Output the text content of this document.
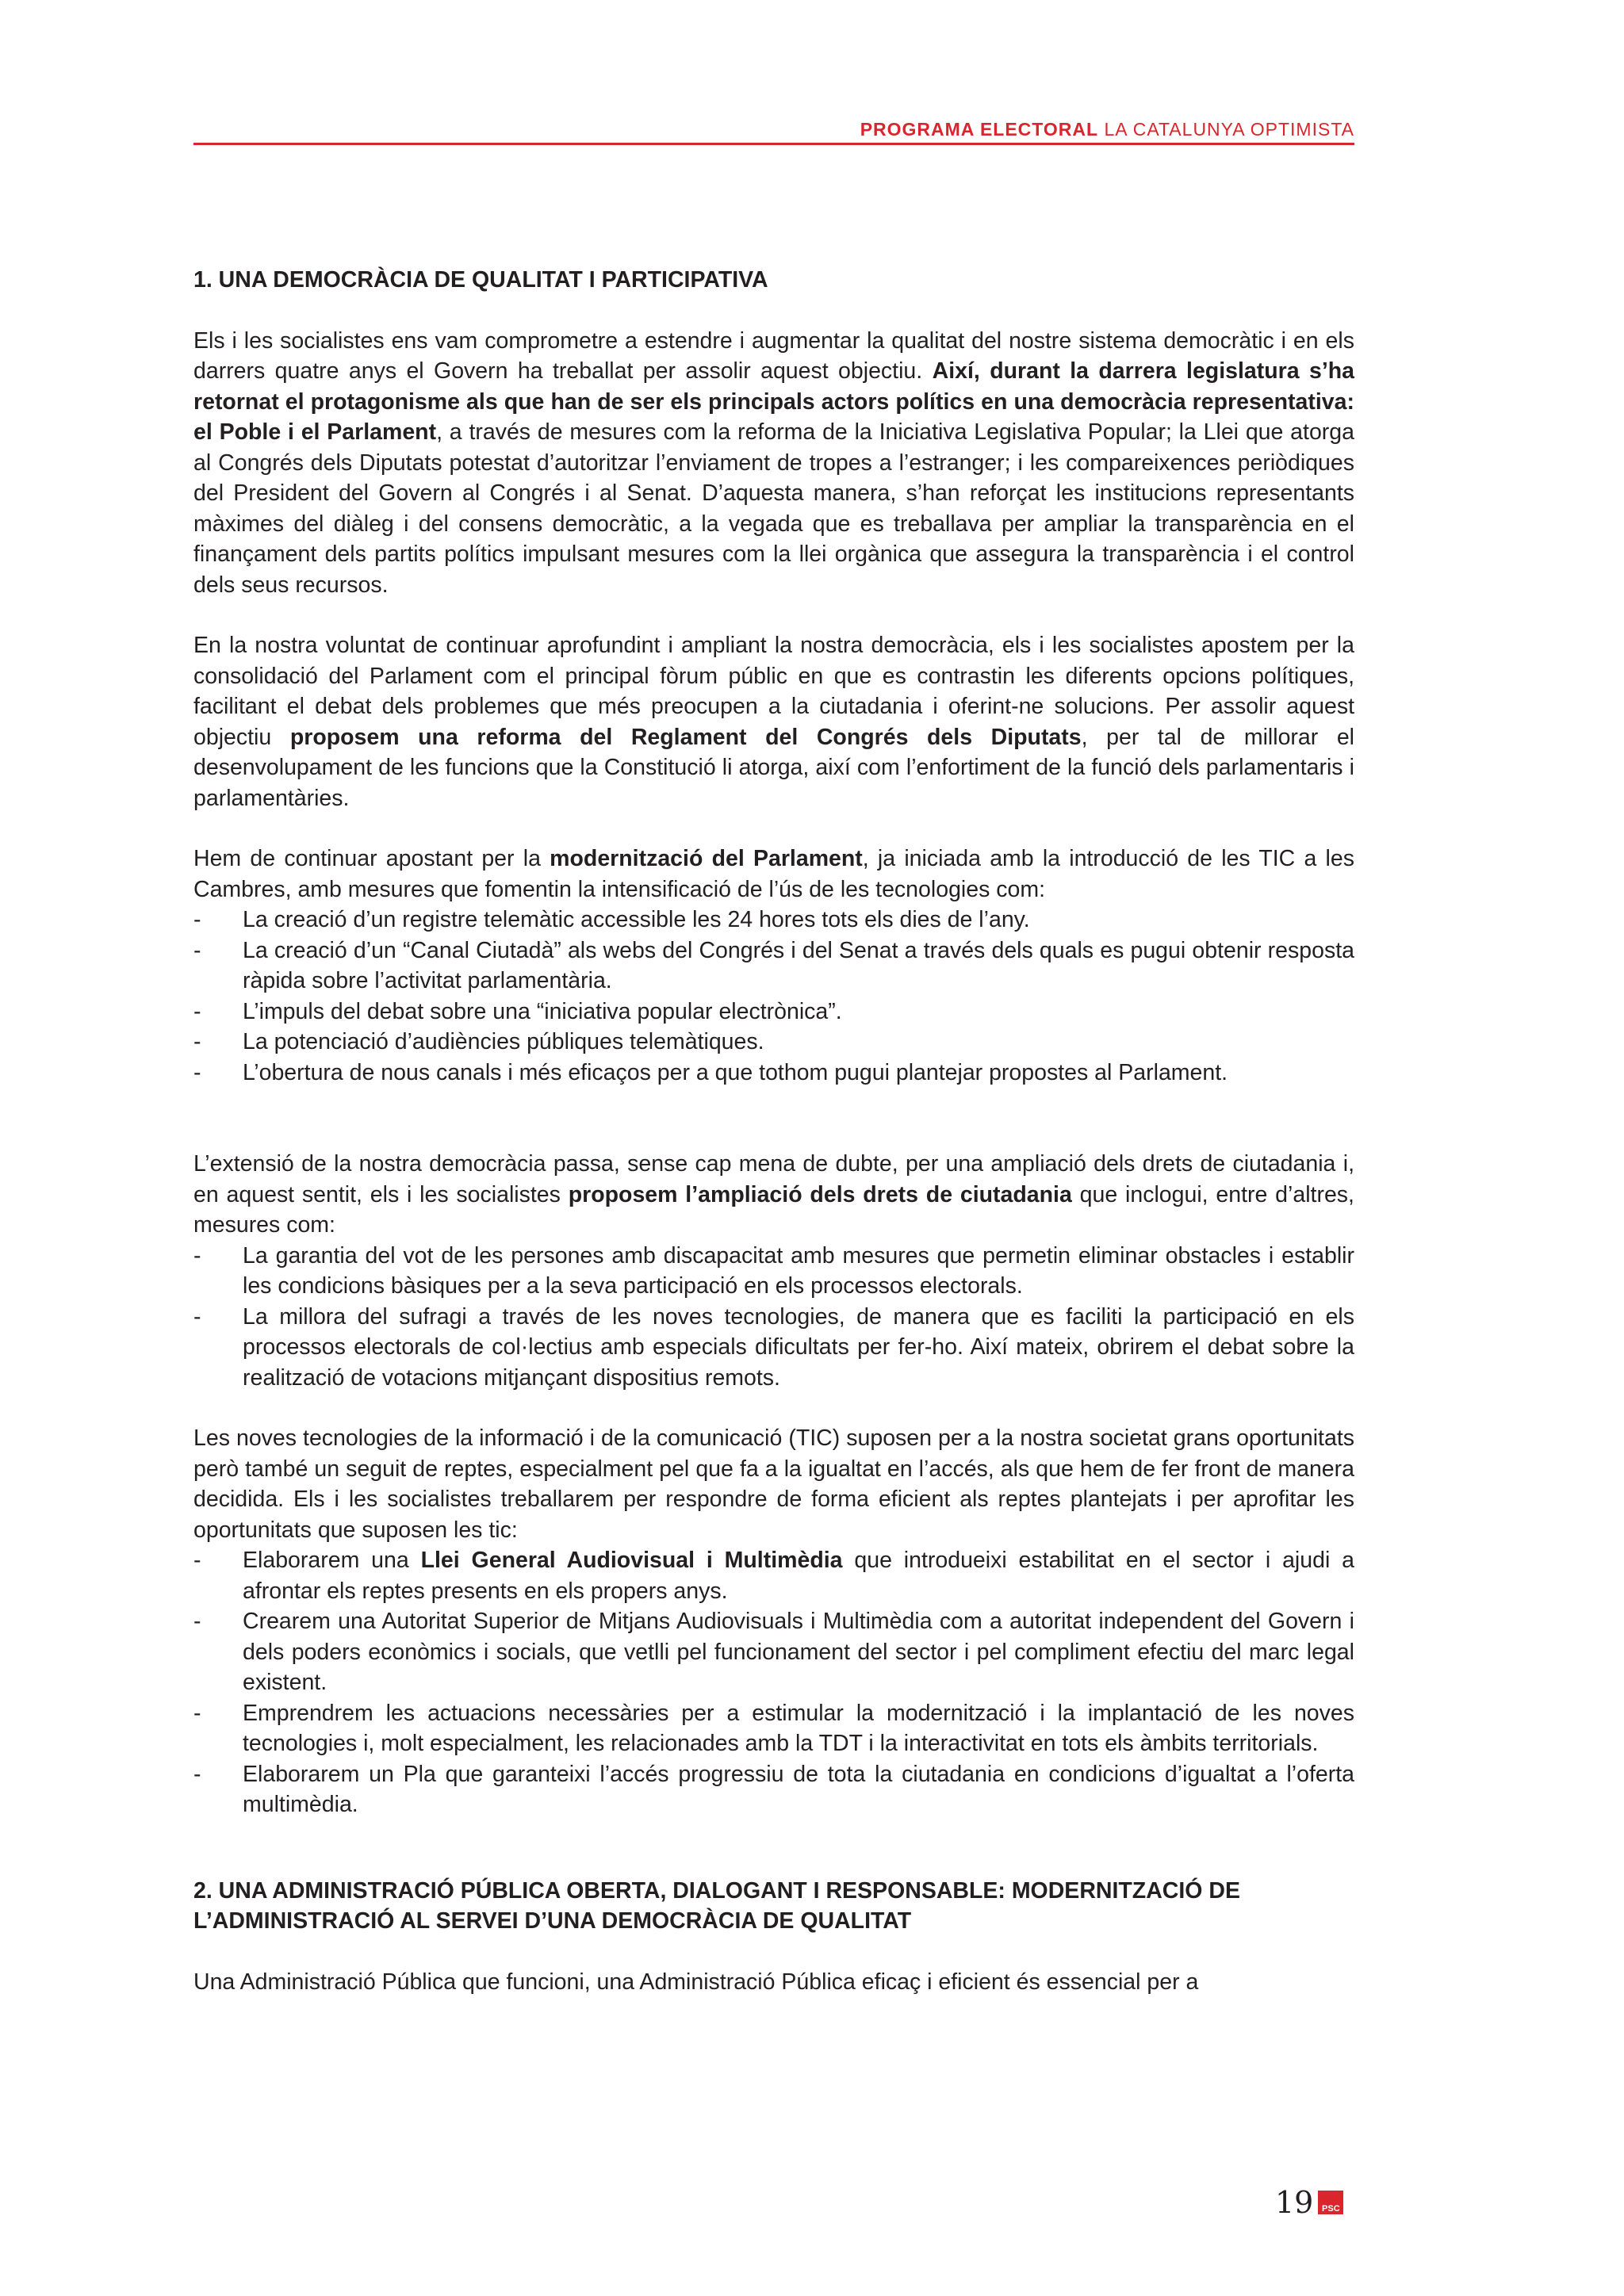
PROGRAMA ELECTORAL LA CATALUNYA OPTIMISTA
1. UNA DEMOCRÀCIA DE QUALITAT I PARTICIPATIVA

Els i les socialistes ens vam comprometre a estendre i augmentar la qualitat del nostre sistema democràtic i en els darrers quatre anys el Govern ha treballat per assolir aquest objectiu. Així, durant la darrera legislatura s’ha retornat el protagonisme als que han de ser els principals actors polítics en una democràcia representativa: el Poble i el Parlament, a través de mesures com la reforma de la Iniciativa Legislativa Popular; la Llei que atorga al Congrés dels Diputats potestat d’autoritzar l’enviament de tropes a l’estranger; i les compareixences periòdiques del President del Govern al Congrés i al Senat. D’aquesta manera, s’han reforçat les institucions representants màximes del diàleg i del consens democràtic, a la vegada que es treballava per ampliar la transparència en el finançament dels partits polítics impulsant mesures com la llei orgànica que assegura la transparència i el control dels seus recursos.

En la nostra voluntat de continuar aprofundint i ampliant la nostra democràcia, els i les socialistes apostem per la consolidació del Parlament com el principal fòrum públic en que es contrastin les diferents opcions polítiques, facilitant el debat dels problemes que més preocupen a la ciutadania i oferint-ne solucions. Per assolir aquest objectiu proposem una reforma del Reglament del Congrés dels Diputats, per tal de millorar el desenvolupament de les funcions que la Constitució li atorga, així com l’enfortiment de la funció dels parlamentaris i parlamentàries.

Hem de continuar apostant per la modernització del Parlament, ja iniciada amb la introducció de les TIC a les Cambres, amb mesures que fomentin la intensificació de l’ús de les tecnologies com:

- La creació d’un registre telemàtic accessible les 24 hores tots els dies de l’any.
- La creació d’un “Canal Ciutadà” als webs del Congrés i del Senat a través dels quals es pugui obtenir resposta ràpida sobre l’activitat parlamentària.
- L’impuls del debat sobre una “iniciativa popular electrònica”.
- La potenciació d’audiències públiques telemàtiques.
- L’obertura de nous canals i més eficaços per a que tothom pugui plantejar propostes al Parlament.

L’extensió de la nostra democràcia passa, sense cap mena de dubte, per una ampliació dels drets de ciutadania i, en aquest sentit, els i les socialistes proposem l’ampliació dels drets de ciutadania que inclogui, entre d’altres, mesures com:

- La garantia del vot de les persones amb discapacitat amb mesures que permetin eliminar obstacles i establir les condicions bàsiques per a la seva participació en els processos electorals.
- La millora del sufragi a través de les noves tecnologies, de manera que es faciliti la participació en els processos electorals de col·lectius amb especials dificultats per fer-ho. Així mateix, obrirem el debat sobre la realització de votacions mitjançant dispositius remots.

Les noves tecnologies de la informació i de la comunicació (TIC) suposen per a la nostra societat grans oportunitats però també un seguit de reptes, especialment pel que fa a la igualtat en l’accés, als que hem de fer front de manera decidida. Els i les socialistes treballarem per respondre de forma eficient als reptes plantejats i per aprofitar les oportunitats que suposen les tic:

- Elaborarem una Llei General Audiovisual i Multimèdia que introdueixi estabilitat en el sector i ajudi a afrontar els reptes presents en els propers anys.
- Crearem una Autoritat Superior de Mitjans Audiovisuals i Multimèdia com a autoritat independent del Govern i dels poders econòmics i socials, que vetlli pel funcionament del sector i pel compliment efectiu del marc legal existent.
- Emprendrem les actuacions necessàries per a estimular la modernització i la implantació de les noves tecnologies i, molt especialment, les relacionades amb la TDT i la interactivitat en tots els àmbits territorials.
- Elaborarem un Pla que garanteixi l’accés progressiu de tota la ciutadania en condicions d’igualtat a l’oferta multimèdia.
2. UNA ADMINISTRACIÓ PÚBLICA OBERTA, DIALOGANT I RESPONSABLE: MODERNITZACIÓ DE L’ADMINISTRACIÓ AL SERVEI D’UNA DEMOCRÀCIA DE QUALITAT

Una Administració Pública que funcioni, una Administració Pública eficaç i eficient és essencial per a

19 PSC
